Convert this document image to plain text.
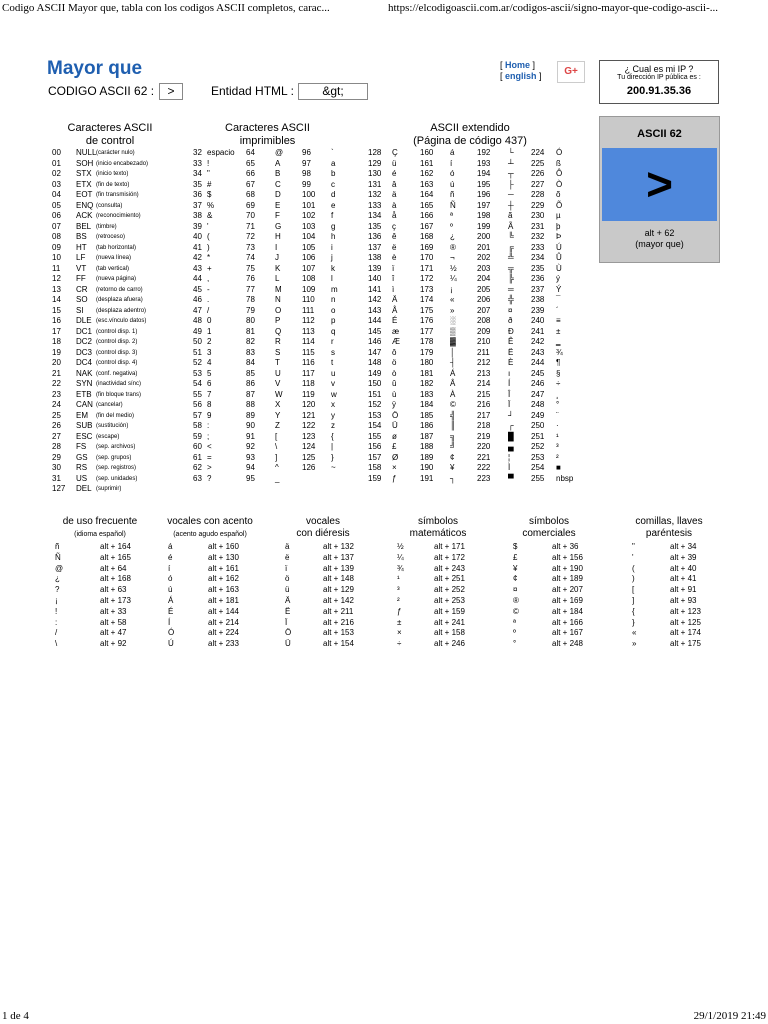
Codigo ASCII Mayor que, tabla con los codigos ASCII completos, carac...	https://elcodigoascii.com.ar/codigos-ascii/signo-mayor-que-codigo-ascii-...
Mayor que
CODIGO ASCII 62 :	>	Entidad HTML :	&gt;
[ Home ]
[ english ]	G+	¿ Cual es mi IP ?
Tu dirección IP pública es :
200.91.35.36
ASCII 62
>
alt + 62
(mayor que)
Caracteres ASCII
de control
Caracteres ASCII
imprimibles
ASCII extendido
(Página de código 437)
00 NULL (carácter nulo)
01 SOH (inicio encabezado)
02 STX (inicio texto)
03 ETX (fin de texto)
04 EOT (fin transmisión)
05 ENQ (consulta)
06 ACK (reconocimiento)
07 BEL (timbre)
08 BS (retroceso)
09 HT (tab horizontal)
10 LF (nueva línea)
11 VT (tab vertical)
12 FF (nueva página)
13 CR (retorno de carro)
14 SO (desplaza afuera)
15 SI (desplaza adentro)
16 DLE (esc.vínculo datos)
17 DC1 (control disp. 1)
18 DC2 (control disp. 2)
19 DC3 (control disp. 3)
20 DC4 (control disp. 4)
21 NAK (conf. negativa)
22 SYN (inactividad sínc)
23 ETB (fin bloque trans)
24 CAN (cancelar)
25 EM (fin del medio)
26 SUB (sustitución)
27 ESC (escape)
28 FS (sep. archivos)
29 GS (sep. grupos)
30 RS (sep. registros)
31 US (sep. unidades)
127 DEL (suprimir)
32 espacio 64	@ 96	`
33 !	65	A	97	a
34 "	66	B	98	b
35 #	67	C	99	c
36 $	68	D	100 d
37 %	69	E	101 e
38 &	70	F	102 f
39 '	71	G	103 g
40 (	72	H	104 h
41 )	73	I	105 i
42 *	74	J	106 j
43 +	75	K	107 k
44 ,	76	L	108 l
45 -	77	M	109 m
46 .	78	N	110 n
47 /	79	O	111 o
48 0	80	P	112 p
49 1	81	Q	113 q
50 2	82	R	114 r
51 3	83	S	115 s
52 4	84	T	116 t
53 5	85	U	117 u
54 6	86	V	118 v
55 7	87	W 119 w
56 8	88	X	120 x
57 9	89	Y	121 y
58 :	90	Z	122 z
59 ;	91	[	123 {
60 <	92	\	124 |
61 =	93	]	125 }
62 >	94	^	126 ~
63 ?	95	_
128 Ç	160 á	192 └ 224 Ó
129 ü	161 í	193 ┴ 225 ß
130 é	162 ó	194 ┬ 226 Ô
131 â	163 ú	195 ├ 227 Ò
132 ä	164 ñ	196 ─ 228 õ
133 à	165 Ñ	197 ┼ 229 Õ
134 å	166 ª	198 ã 230 µ
135 ç	167 º	199 Ã 231 þ
136 ê	168 ¿	200 ╚ 232 Þ
137 ë	169 ®	201 ╔ 233 Ú
138 è	170 ¬	202 ╩ 234 Û
139 ï	171 ½	203 ╦ 235 Ù
140 î	172 ¼	204 ╠ 236 ý
141 ì	173 ¡	205 ═ 237 Ý
142 Ä	174 «	206 ╬ 238 ¯
143 Å	175 »	207 ¤ 239 ´
144 É	176 ░	208 ð 240 ≡
145 æ	177 ▒	209 Ð 241 ±
146 Æ	178 ▓	210 Ê 242 ‗
147 ô	179 │	211 Ë 243 ¾
148 ö	180 ┤	212 È 244 ¶
149 ò	181 Á	213 ı	245 §
150 û	182 Â	214 Í	246 ÷
151 ù	183 À	215 Î	247 ¸
152 ÿ	184 ©	216 Ï	248 °
153 Ö	185 ╣	217 ┘ 249 ¨
154 Ü	186 ║	218 ┌ 250 ·
155 ø	187 ╗	219 █ 251 ¹
156 £	188 ╝	220 ▄ 252 ³
157 Ø	189 ¢	221 ¦	253 ²
158 ×	190 ¥	222 Ì	254 ■
159 ƒ	191 ┐	223 ▀ 255 nbsp
de uso frecuente
(idioma español)
ñ	alt + 164
Ñ	alt + 165
@	alt + 64
¿	alt + 168
?	alt + 63
¡	alt + 173
!	alt + 33
:	alt + 58
/	alt + 47
\	alt + 92
vocales con acento
(acento agudo español)
á	alt + 160
é	alt + 130
í	alt + 161
ó	alt + 162
ú	alt + 163
Á	alt + 181
É	alt + 144
Í	alt + 214
Ó	alt + 224
Ú	alt + 233
vocales
con diéresis
ä	alt + 132
ë	alt + 137
ï	alt + 139
ö	alt + 148
ü	alt + 129
Ä	alt + 142
Ë	alt + 211
Ï	alt + 216
Ö	alt + 153
Ü	alt + 154
símbolos
matemáticos
½	alt + 171
¼	alt + 172
¾	alt + 243
¹	alt + 251
³	alt + 252
²	alt + 253
ƒ	alt + 159
±	alt + 241
×	alt + 158
÷	alt + 246
símbolos
comerciales
$	alt + 36
£	alt + 156
¥	alt + 190
¢	alt + 189
¤	alt + 207
®	alt + 169
©	alt + 184
ª	alt + 166
º	alt + 167
°	alt + 248
comillas, llaves
paréntesis
"	alt + 34
'	alt + 39
(	alt + 40
)	alt + 41
[	alt + 91
]	alt + 93
{	alt + 123
}	alt + 125
«	alt + 174
»	alt + 175
1 de 4	29/1/2019 21:49
